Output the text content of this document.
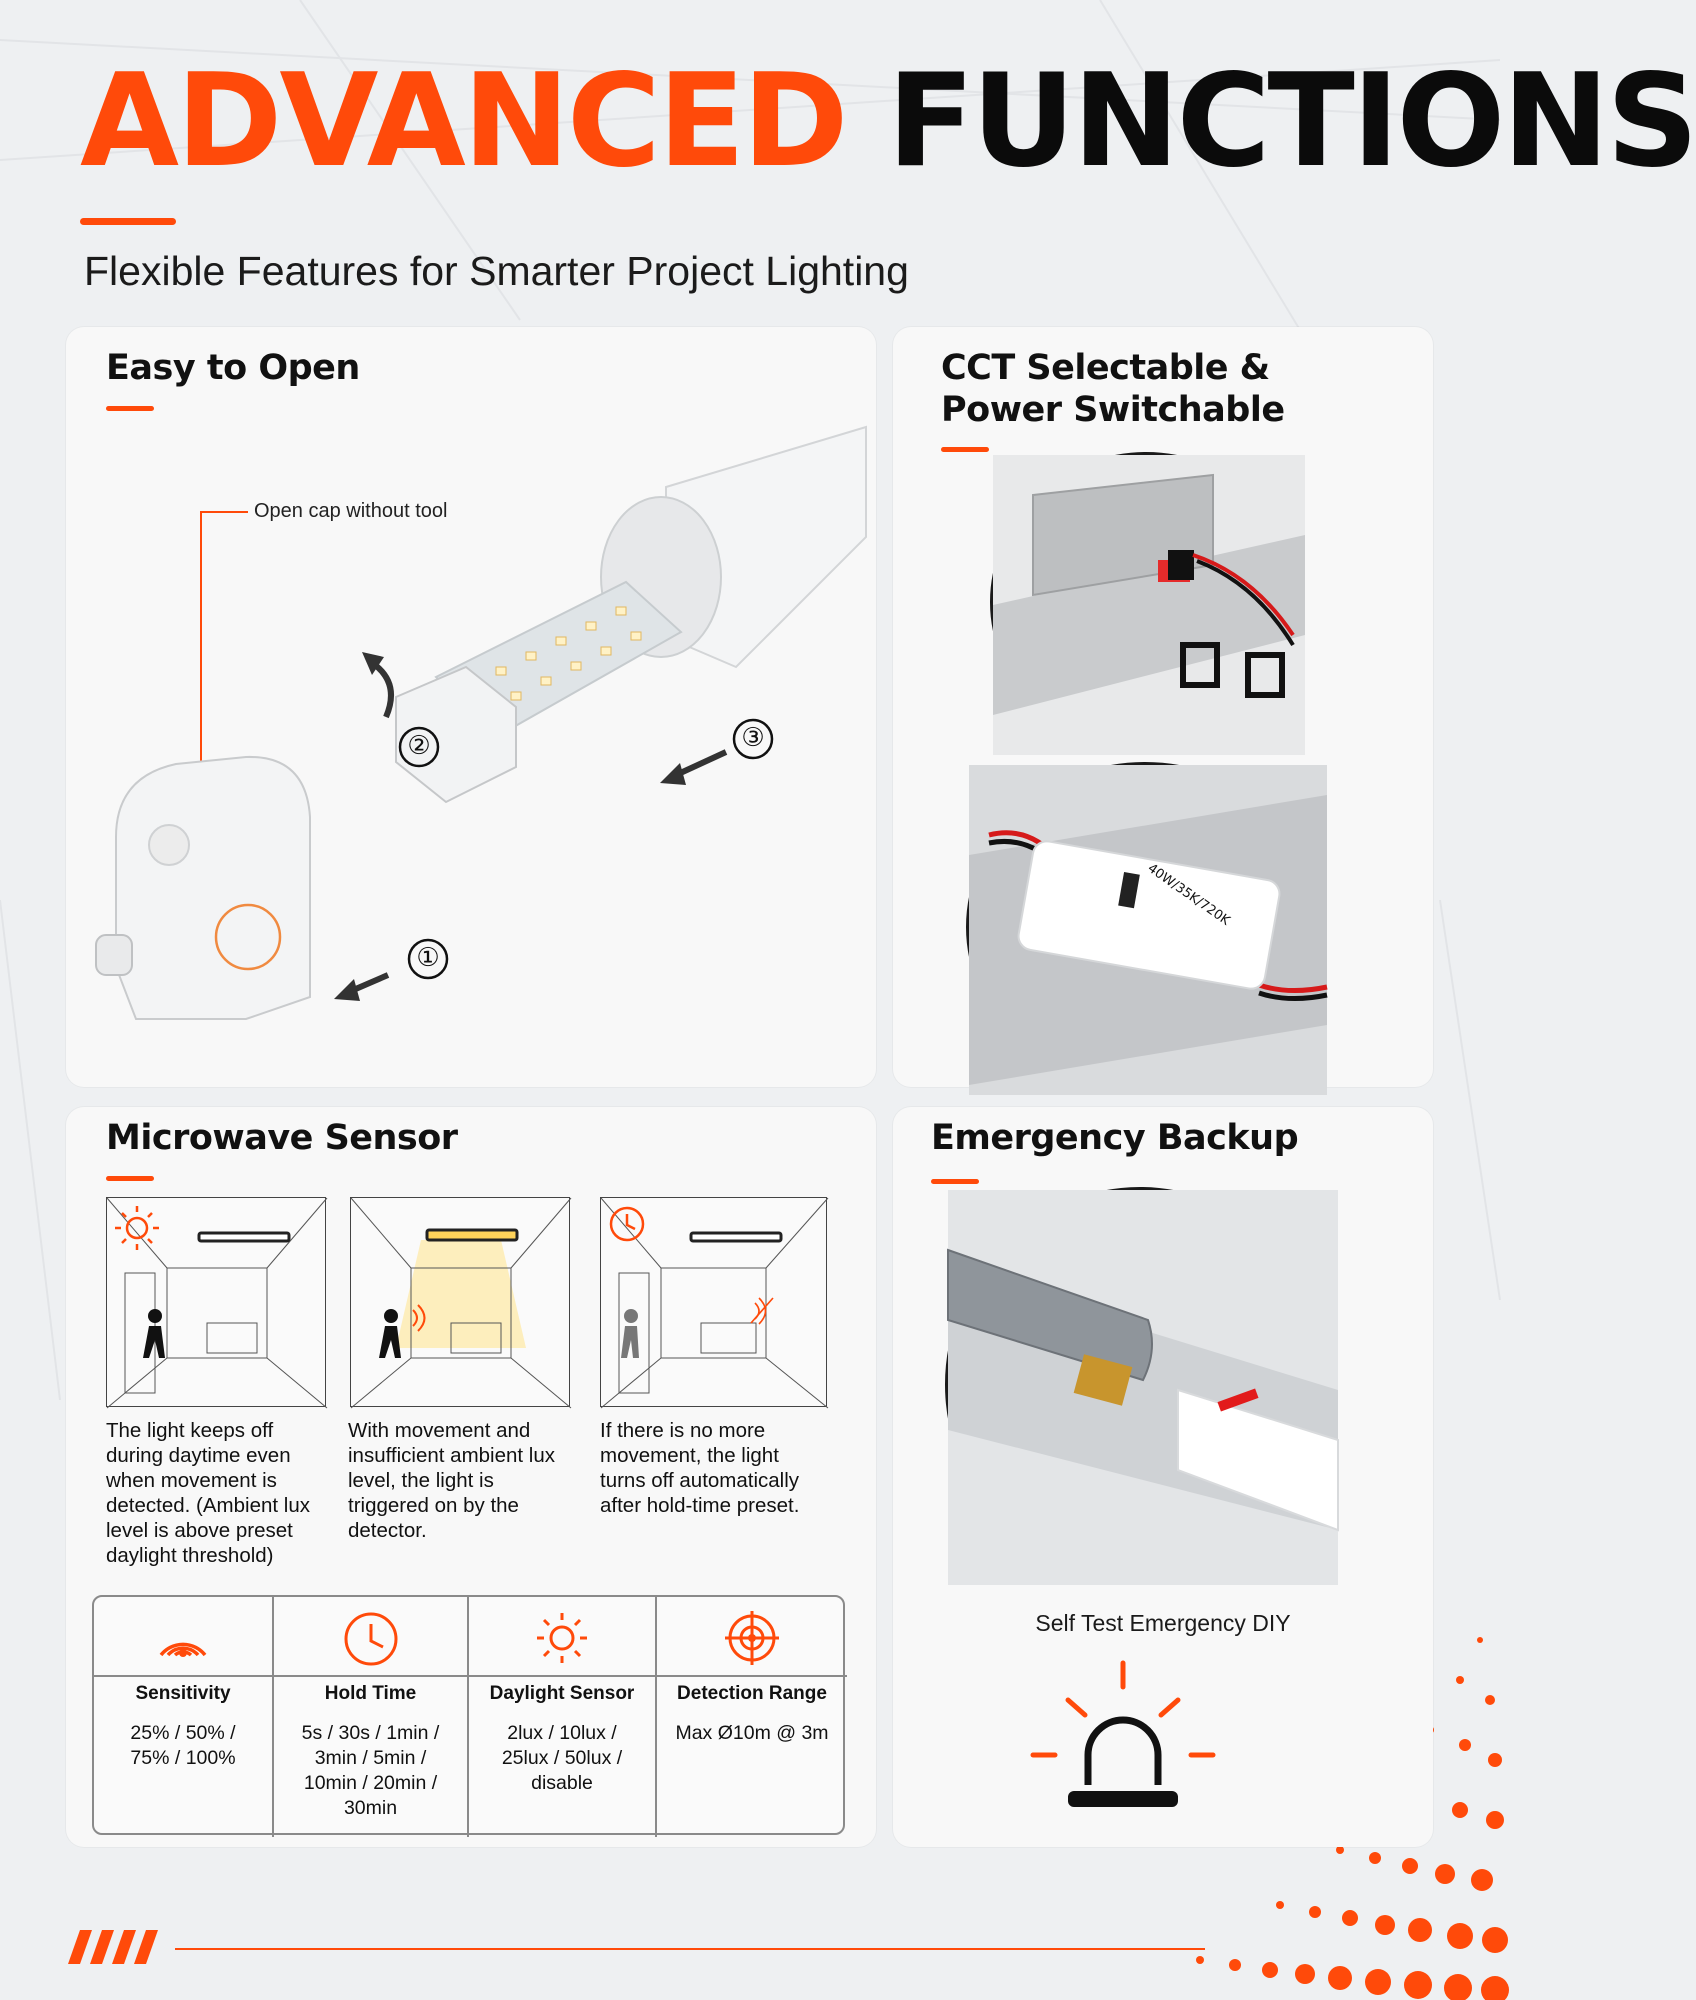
ADVANCED FUNCTIONS
Flexible Features for Smarter Project Lighting
Easy to Open
Open cap without tool
②	③
①
CCT Selectable &
Power Switchable
40W/35K/720K
Microwave Sensor
The light keeps off during daytime even when movement is detected. (Ambient lux level is above preset daylight threshold)
With movement and insufficient ambient lux level, the light is triggered on by the detector.
If there is no more movement, the light turns off automatically after hold-time preset.
Sensitivity
25% / 50% /
75% / 100%
Hold Time
5s / 30s / 1min /
3min / 5min /
10min / 20min /
30min
Daylight Sensor
2lux / 10lux /
25lux / 50lux /
disable
Detection Range
Max Ø10m @ 3m
Emergency Backup
Self Test Emergency DIY
